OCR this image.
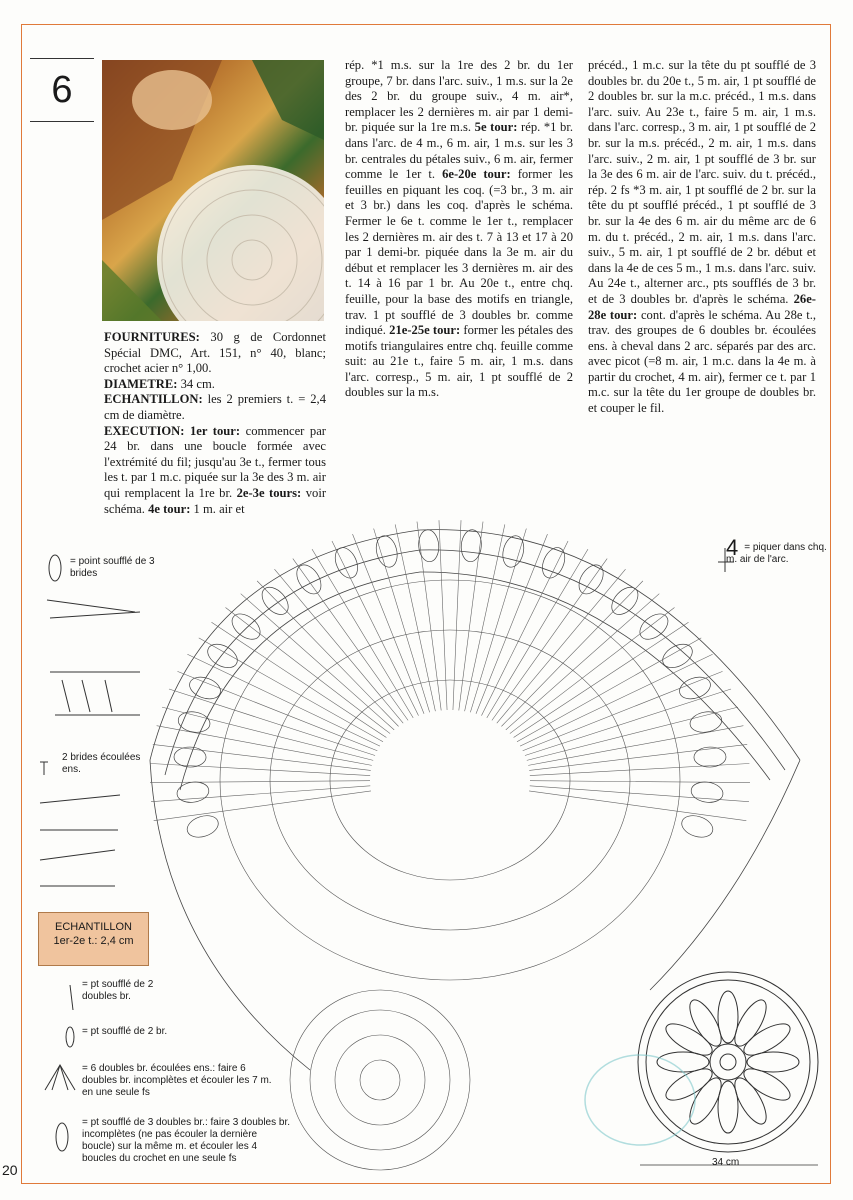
6

FOURNITURES: 30 g de Cordonnet Spécial DMC, Art. 151, n° 40, blanc; crochet acier n° 1,00.

DIAMETRE: 34 cm.

ECHANTILLON: les 2 premiers t. = 2,4 cm de diamètre.

EXECUTION: 1er tour: commencer par 24 br. dans une boucle formée avec l'extrémité du fil; jusqu'au 3e t., fermer tous les t. par 1 m.c. piquée sur la 3e des 3 m. air qui remplacent la 1re br. 2e-3e tours: voir schéma. 4e tour: 1 m. air et

rép. *1 m.s. sur la 1re des 2 br. du 1er groupe, 7 br. dans l'arc. suiv., 1 m.s. sur la 2e des 2 br. du groupe suiv., 4 m. air*, remplacer les 2 dernières m. air par 1 demi-br. piquée sur la 1re m.s. 5e tour: rép. *1 br. dans l'arc. de 4 m., 6 m. air, 1 m.s. sur les 3 br. centrales du pétales suiv., 6 m. air, fermer comme le 1er t. 6e-20e tour: former les feuilles en piquant les coq. (=3 br., 3 m. air et 3 br.) dans les coq. d'après le schéma. Fermer le 6e t. comme le 1er t., remplacer les 2 dernières m. air des t. 7 à 13 et 17 à 20 par 1 demi-br. piquée dans la 3e m. air du début et remplacer les 3 dernières m. air des t. 14 à 16 par 1 br. Au 20e t., entre chq. feuille, pour la base des motifs en triangle, trav. 1 pt soufflé de 3 doubles br. comme indiqué. 21e-25e tour: former les pétales des motifs triangulaires entre chq. feuille comme suit: au 21e t., faire 5 m. air, 1 m.s. dans l'arc. corresp., 5 m. air, 1 pt soufflé de 2 doubles sur la m.s.

précéd., 1 m.c. sur la tête du pt soufflé de 3 doubles br. du 20e t., 5 m. air, 1 pt soufflé de 2 doubles br. sur la m.c. précéd., 1 m.s. dans l'arc. suiv. Au 23e t., faire 5 m. air, 1 m.s. dans l'arc. corresp., 3 m. air, 1 pt soufflé de 2 br. sur la m.s. précéd., 2 m. air, 1 m.s. dans l'arc. suiv., 2 m. air, 1 pt soufflé de 3 br. sur la 3e des 6 m. air de l'arc. suiv. du t. précéd., rép. 2 fs *3 m. air, 1 pt soufflé de 2 br. sur la tête du pt soufflé précéd., 1 pt soufflé de 3 br. sur la 4e des 6 m. air du même arc de 6 m. du t. précéd., 2 m. air, 1 m.s. dans l'arc. suiv., 5 m. air, 1 pt soufflé de 2 br. début et dans la 4e de ces 5 m., 1 m.s. dans l'arc. suiv. Au 24e t., alterner arc., pts soufflés de 3 br. et de 3 doubles br. d'après le schéma. 26e-28e tour: cont. d'après le schéma. Au 28e t., trav. des groupes de 6 doubles br. écoulées ens. à cheval dans 2 arc. séparés par des arc. avec picot (=8 m. air, 1 m.c. dans la 4e m. à partir du crochet, 4 m. air), fermer ce t. par 1 m.c. sur la tête du 1er groupe de doubles br. et couper le fil.

= point soufflé de 3 brides
2 brides écoulées ens.
ECHANTILLON
1er-2e t.: 2,4 cm
= pt soufflé de 2 doubles br.
= pt soufflé de 2 br.
= 6 doubles br. écoulées ens.: faire 6 doubles br. incomplètes et écouler les 7 m. en une seule fs
= pt soufflé de 3 doubles br.: faire 3 doubles br. incomplètes (ne pas écouler la dernière boucle) sur la même m. et écouler les 4 boucles du crochet en une seule fs
4 = piquer dans chq. m. air de l'arc.
34 cm
20
